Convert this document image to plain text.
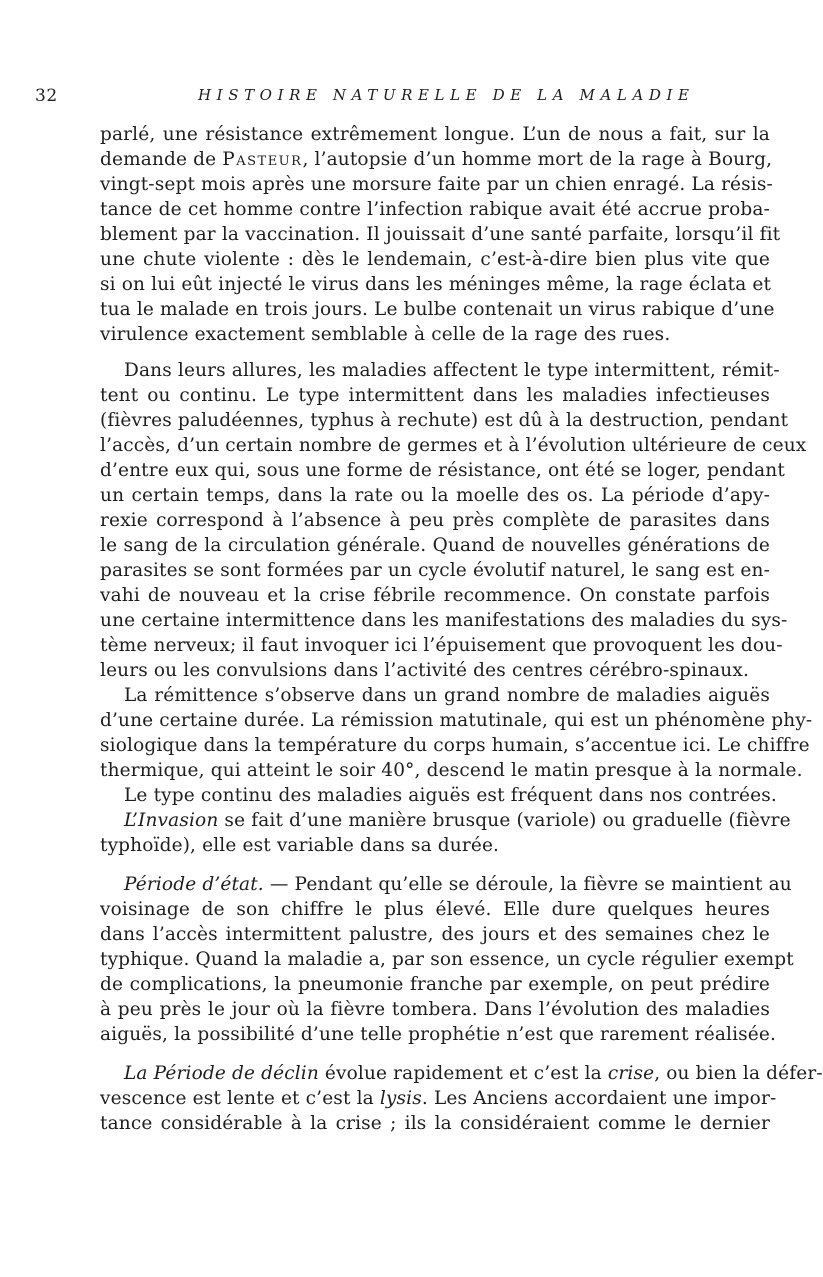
32	HISTOIRE NATURELLE DE LA MALADIE
parlé, une résistance extrêmement longue. L’un de nous a fait, sur la
demande de Pasteur, l’autopsie d’un homme mort de la rage à Bourg,
vingt-sept mois après une morsure faite par un chien enragé. La résis-
tance de cet homme contre l’infection rabique avait été accrue proba-
blement par la vaccination. Il jouissait d’une santé parfaite, lorsqu’il fit
une chute violente : dès le lendemain, c’est-à-dire bien plus vite que
si on lui eût injecté le virus dans les méninges même, la rage éclata et
tua le malade en trois jours. Le bulbe contenait un virus rabique d’une
virulence exactement semblable à celle de la rage des rues.
Dans leurs allures, les maladies affectent le type intermittent, rémit-
tent ou continu. Le type intermittent dans les maladies infectieuses
(fièvres paludéennes, typhus à rechute) est dû à la destruction, pendant
l’accès, d’un certain nombre de germes et à l’évolution ultérieure de ceux
d’entre eux qui, sous une forme de résistance, ont été se loger, pendant
un certain temps, dans la rate ou la moelle des os. La période d’apy-
rexie correspond à l’absence à peu près complète de parasites dans
le sang de la circulation générale. Quand de nouvelles générations de
parasites se sont formées par un cycle évolutif naturel, le sang est en-
vahi de nouveau et la crise fébrile recommence. On constate parfois
une certaine intermittence dans les manifestations des maladies du sys-
tème nerveux; il faut invoquer ici l’épuisement que provoquent les dou-
leurs ou les convulsions dans l’activité des centres cérébro-spinaux.
La rémittence s’observe dans un grand nombre de maladies aiguës
d’une certaine durée. La rémission matutinale, qui est un phénomène phy-
siologique dans la température du corps humain, s’accentue ici. Le chiffre
thermique, qui atteint le soir 40°, descend le matin presque à la normale.
Le type continu des maladies aiguës est fréquent dans nos contrées.
L’Invasion se fait d’une manière brusque (variole) ou graduelle (fièvre
typhoïde), elle est variable dans sa durée.
Période d’état. — Pendant qu’elle se déroule, la fièvre se maintient au
voisinage de son chiffre le plus élevé. Elle dure quelques heures
dans l’accès intermittent palustre, des jours et des semaines chez le
typhique. Quand la maladie a, par son essence, un cycle régulier exempt
de complications, la pneumonie franche par exemple, on peut prédire
à peu près le jour où la fièvre tombera. Dans l’évolution des maladies
aiguës, la possibilité d’une telle prophétie n’est que rarement réalisée.
La Période de déclin évolue rapidement et c’est la crise, ou bien la défer-
vescence est lente et c’est la lysis. Les Anciens accordaient une impor-
tance considérable à la crise ; ils la considéraient comme le dernier
